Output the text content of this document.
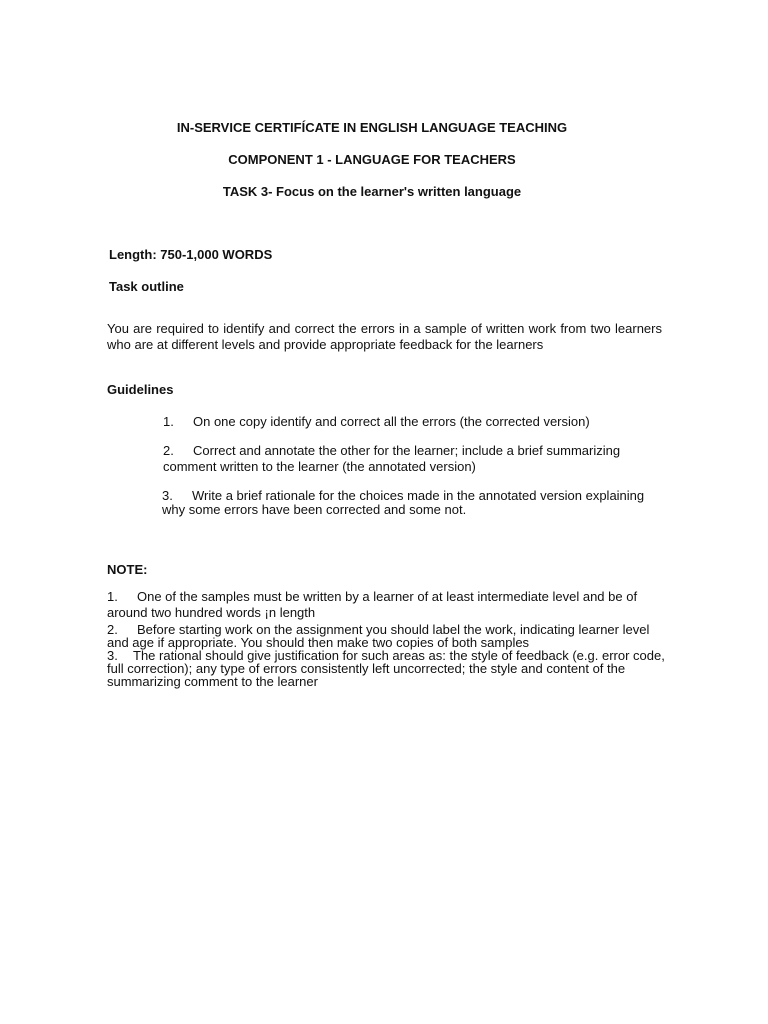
IN-SERVICE CERTIFÍCATE IN ENGLISH LANGUAGE TEACHING
COMPONENT 1 - LANGUAGE FOR TEACHERS
TASK 3- Focus on the learner's written language
Length: 750-1,000 WORDS
Task outline
You are required to identify and correct the errors in a sample of written work from two learners who are at different levels and provide appropriate feedback for the learners
Guidelines
1. On one copy identify and correct all the errors (the corrected version)
2. Correct and annotate the other for the learner; include a brief summarizing comment written to the learner (the annotated version)
3. Write a brief rationale for the choices made in the annotated version explaining why some errors have been corrected and some not.
NOTE:

1. One of the samples must be written by a learner of at least intermediate level and be of around two hundred words ¡n length

2. Before starting work on the assignment you should label the work, indicating learner level and age if appropriate. You should then make two copies of both samples

3. The rational should give justification for such areas as: the style of feedback (e.g. error code, full correction); any type of errors consistently left uncorrected; the style and content of the summarizing comment to the learner
